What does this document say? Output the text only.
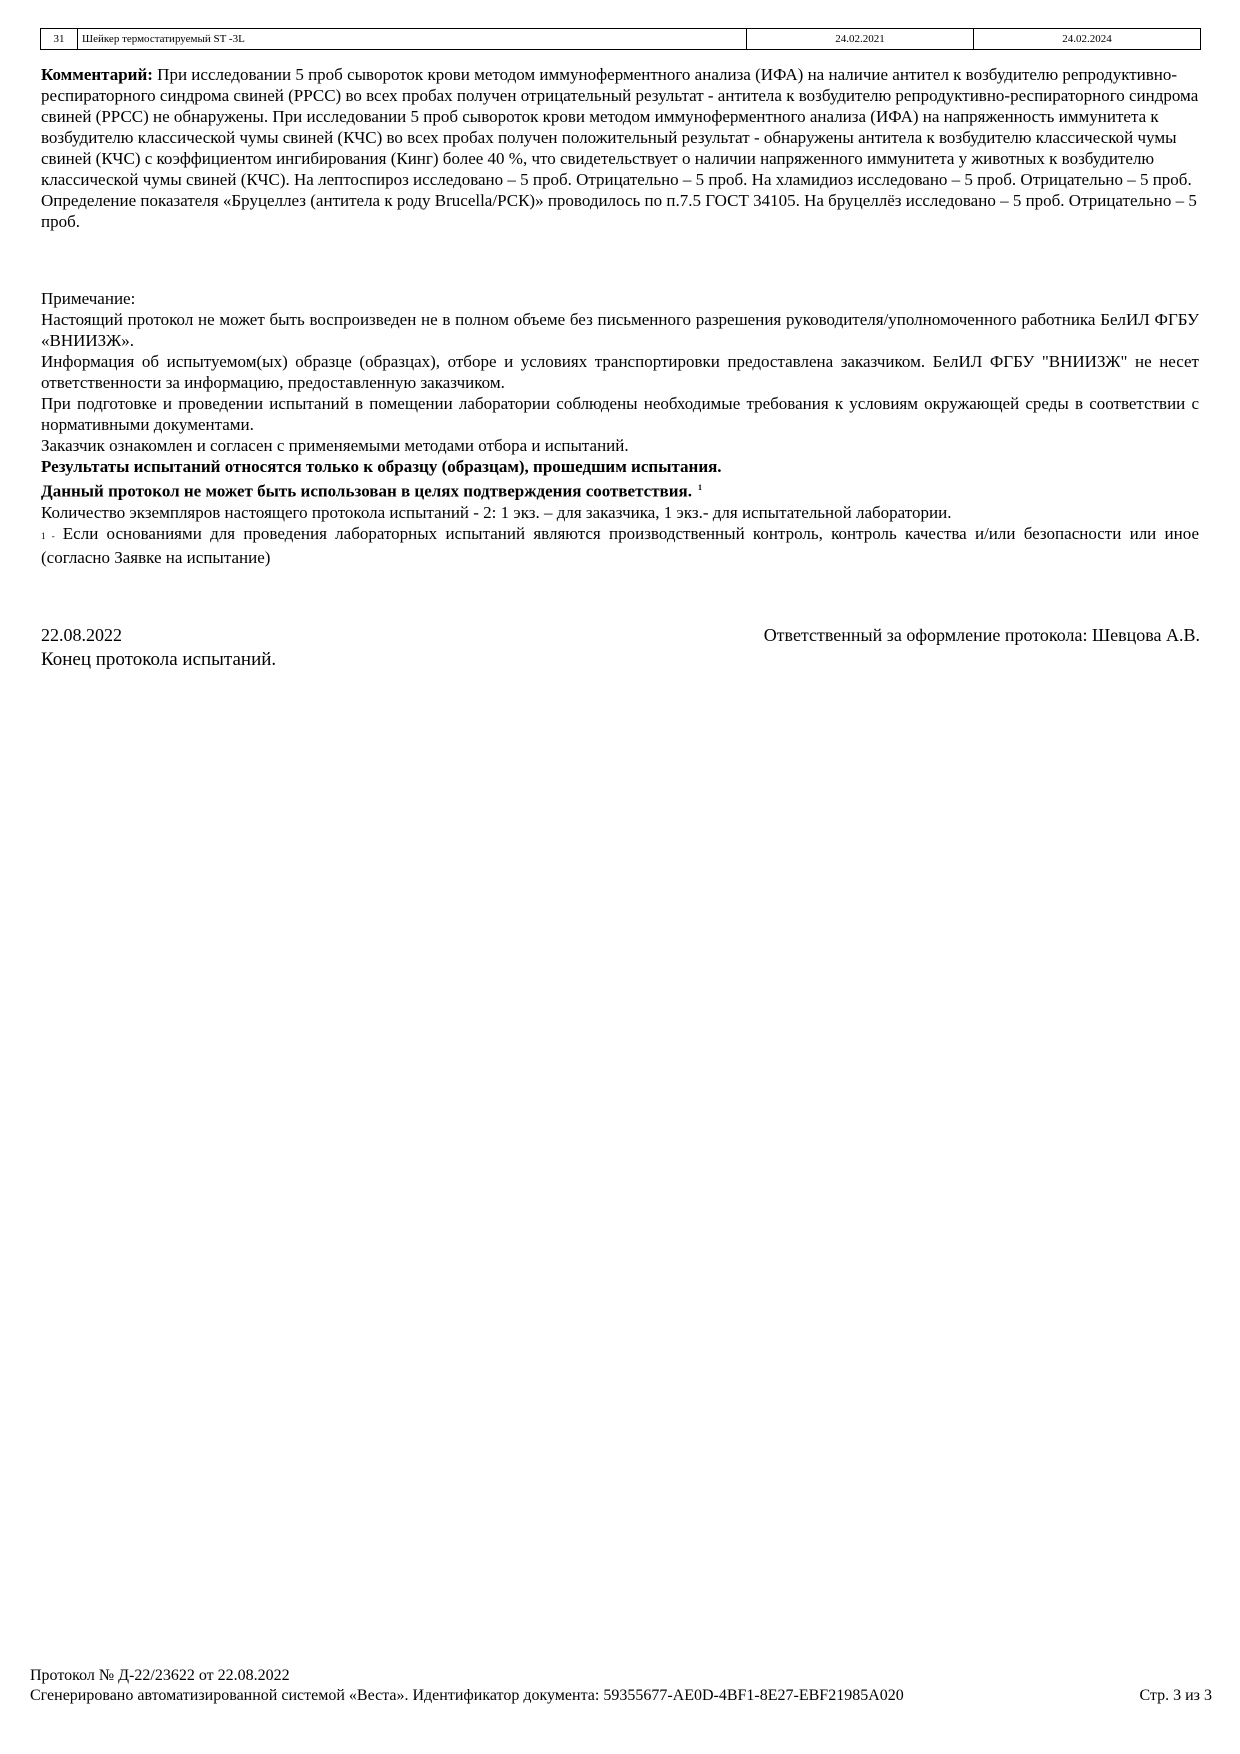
31	Шейкер термостатируемый ST -3L	24.02.2021	24.02.2024

Комментарий: При исследовании 5 проб сывороток крови методом иммуноферментного анализа (ИФА) на наличие антител к возбудителю репродуктивно-респираторного синдрома свиней (РРСС) во всех пробах получен отрицательный результат - антитела к возбудителю репродуктивно-респираторного синдрома свиней (РРСС) не обнаружены. При исследовании 5 проб сывороток крови методом иммуноферментного анализа (ИФА) на напряженность иммунитета к возбудителю классической чумы свиней (КЧС) во всех пробах получен положительный результат - обнаружены антитела к возбудителю классической чумы свиней (КЧС) с коэффициентом ингибирования (Кинг) более 40 %, что свидетельствует о наличии напряженного иммунитета у животных к возбудителю классической чумы свиней (КЧС). На лептоспироз исследовано – 5 проб. Отрицательно – 5 проб. На хламидиоз исследовано – 5 проб. Отрицательно – 5 проб. Определение показателя «Бруцеллез (антитела к роду Brucella/РСК)» проводилось по п.7.5 ГОСТ 34105. На бруцеллёз исследовано – 5 проб. Отрицательно – 5 проб.

Примечание:

Настоящий протокол не может быть воспроизведен не в полном объеме без письменного разрешения руководителя/уполномоченного работника БелИЛ ФГБУ «ВНИИЗЖ».

Информация об испытуемом(ых) образце (образцах), отборе и условиях транспортировки предоставлена заказчиком. БелИЛ ФГБУ "ВНИИЗЖ" не несет ответственности за информацию, предоставленную заказчиком.

При подготовке и проведении испытаний в помещении лаборатории соблюдены необходимые требования к условиям окружающей среды в соответствии с нормативными документами.

Заказчик ознакомлен и согласен с применяемыми методами отбора и испытаний.

Результаты испытаний относятся только к образцу (образцам), прошедшим испытания.

Данный протокол не может быть использован в целях подтверждения соответствия. $^1$

Количество экземпляров настоящего протокола испытаний - 2: 1 экз. – для заказчика, 1 экз.- для испытательной лаборатории.

1 - Если основаниями для проведения лабораторных испытаний являются производственный контроль, контроль качества и/или безопасности или иное (согласно Заявке на испытание)

22.08.2022	Ответственный за оформление протокола: Шевцова А.В.
Конец протокола испытаний.
Протокол № Д-22/23622 от 22.08.2022
Сгенерировано автоматизированной системой «Веста». Идентификатор документа: 59355677-AE0D-4BF1-8E27-EBF21985A020	Стр. 3 из 3
